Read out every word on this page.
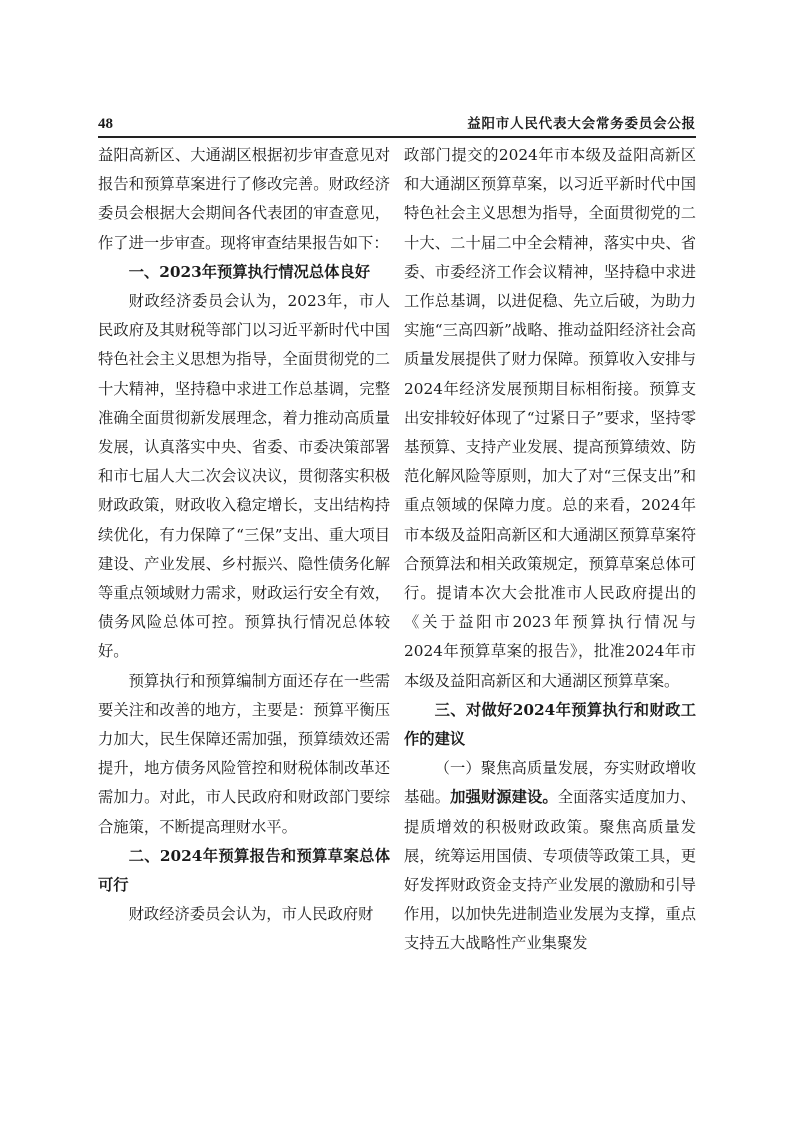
48	益阳市人民代表大会常务委员会公报

益阳高新区、大通湖区根据初步审查意见对报告和预算草案进行了修改完善。财政经济委员会根据大会期间各代表团的审查意见，作了进一步审查。现将审查结果报告如下：

一、2023年预算执行情况总体良好

财政经济委员会认为，2023年，市人民政府及其财税等部门以习近平新时代中国特色社会主义思想为指导，全面贯彻党的二十大精神，坚持稳中求进工作总基调，完整准确全面贯彻新发展理念，着力推动高质量发展，认真落实中央、省委、市委决策部署和市七届人大二次会议决议，贯彻落实积极财政政策，财政收入稳定增长，支出结构持续优化，有力保障了“三保”支出、重大项目建设、产业发展、乡村振兴、隐性债务化解等重点领域财力需求，财政运行安全有效，债务风险总体可控。预算执行情况总体较好。

预算执行和预算编制方面还存在一些需要关注和改善的地方，主要是：预算平衡压力加大，民生保障还需加强，预算绩效还需提升，地方债务风险管控和财税体制改革还需加力。对此，市人民政府和财政部门要综合施策，不断提高理财水平。

二、2024年预算报告和预算草案总体可行

财政经济委员会认为，市人民政府财

政部门提交的2024年市本级及益阳高新区和大通湖区预算草案，以习近平新时代中国特色社会主义思想为指导，全面贯彻党的二十大、二十届二中全会精神，落实中央、省委、市委经济工作会议精神，坚持稳中求进工作总基调，以进促稳、先立后破，为助力实施“三高四新”战略、推动益阳经济社会高质量发展提供了财力保障。预算收入安排与2024年经济发展预期目标相衔接。预算支出安排较好体现了“过紧日子”要求，坚持零基预算、支持产业发展、提高预算绩效、防范化解风险等原则，加大了对“三保支出”和重点领域的保障力度。总的来看，2024年市本级及益阳高新区和大通湖区预算草案符合预算法和相关政策规定，预算草案总体可行。提请本次大会批准市人民政府提出的《关于益阳市2023年预算执行情况与2024年预算草案的报告》，批准2024年市本级及益阳高新区和大通湖区预算草案。

三、对做好2024年预算执行和财政工作的建议

（一）聚焦高质量发展，夯实财政增收基础。加强财源建设。全面落实适度加力、提质增效的积极财政政策。聚焦高质量发展，统筹运用国债、专项债等政策工具，更好发挥财政资金支持产业发展的激励和引导作用，以加快先进制造业发展为支撑，重点支持五大战略性产业集聚发
